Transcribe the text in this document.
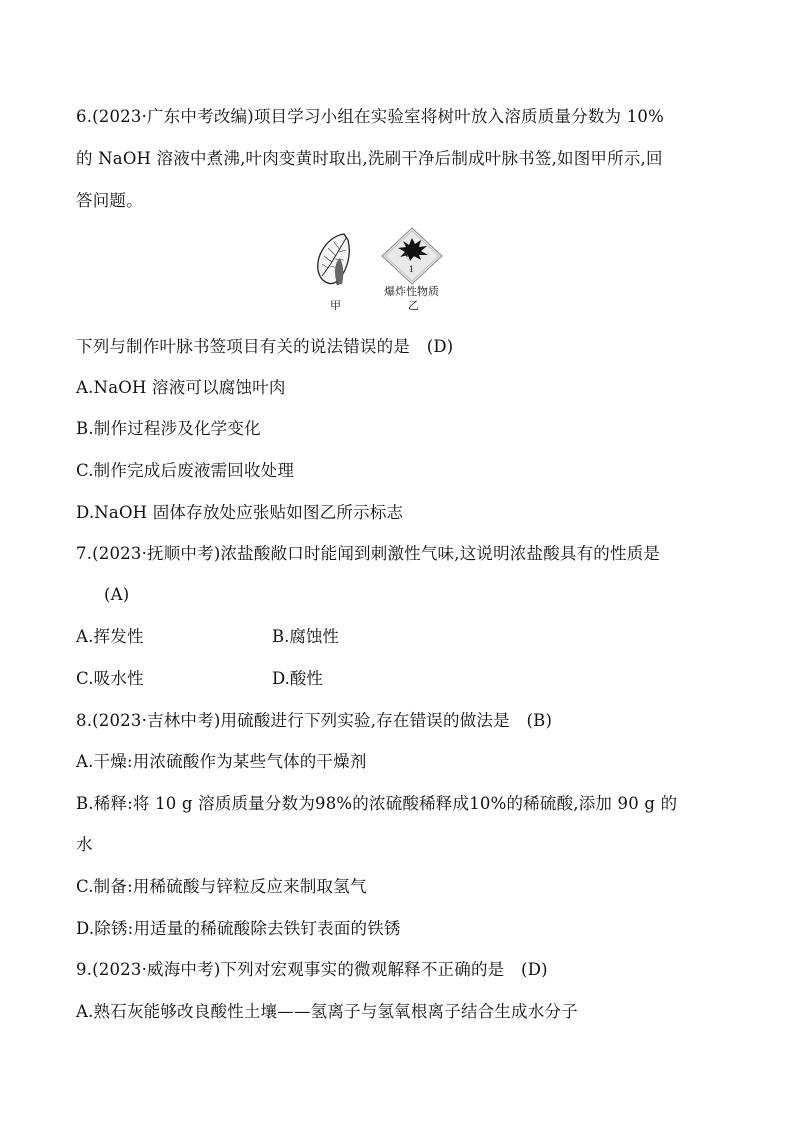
6.(2023·广东中考改编)项目学习小组在实验室将树叶放入溶质质量分数为 10%
的 NaOH 溶液中煮沸,叶肉变黄时取出,洗刷干净后制成叶脉书签,如图甲所示,回
答问题。
1
爆炸性物质
甲	乙
下列与制作叶脉书签项目有关的说法错误的是　(D)
A.NaOH 溶液可以腐蚀叶肉
B.制作过程涉及化学变化
C.制作完成后废液需回收处理
D.NaOH 固体存放处应张贴如图乙所示标志
7.(2023·抚顺中考)浓盐酸敞口时能闻到刺激性气味,这说明浓盐酸具有的性质是
(A)
A.挥发性	B.腐蚀性
C.吸水性	D.酸性
8.(2023·吉林中考)用硫酸进行下列实验,存在错误的做法是　(B)
A.干燥:用浓硫酸作为某些气体的干燥剂
B.稀释:将 10 g 溶质质量分数为98%的浓硫酸稀释成10%的稀硫酸,添加 90 g 的
水
C.制备:用稀硫酸与锌粒反应来制取氢气
D.除锈:用适量的稀硫酸除去铁钉表面的铁锈
9.(2023·威海中考)下列对宏观事实的微观解释不正确的是　(D)
A.熟石灰能够改良酸性土壤——氢离子与氢氧根离子结合生成水分子
